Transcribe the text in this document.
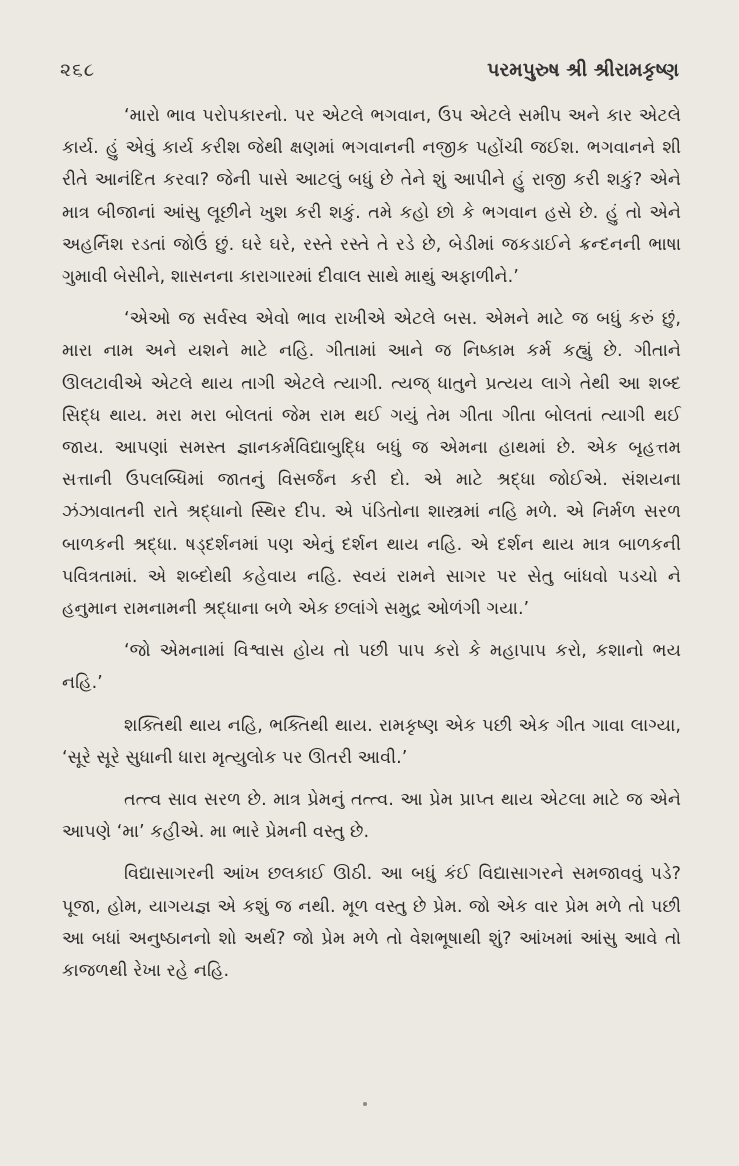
૨૬૮	પરમપુરુષ શ્રી શ્રીરામકૃષ્ણ

‘મારો ભાવ પરોપકારનો. પર એટલે ભગવાન, ઉપ એટલે સમીપ અને કાર એટલે કાર્ય. હું એવું કાર્ય કરીશ જેથી ક્ષણમાં ભગવાનની નજીક પહોંચી જઈશ. ભગવાનને શી રીતે આનંદિત કરવા? જેની પાસે આટલું બધું છે તેને શું આપીને હું રાજી કરી શકું? એને માત્ર બીજાનાં આંસુ લૂછીને ખુશ કરી શકું. તમે કહો છો કે ભગવાન હસે છે. હું તો એને અહર્નિશ રડતાં જોઉં છું. ઘરે ઘરે, રસ્તે રસ્તે તે રડે છે, બેડીમાં જકડાઈને ક્રન્દનની ભાષા ગુમાવી બેસીને, શાસનના કારાગારમાં દીવાલ સાથે માથું અફાળીને.’

‘એઓ જ સર્વસ્વ એવો ભાવ રાખીએ એટલે બસ. એમને માટે જ બધું કરું છું, મારા નામ અને યશને માટે નહિ. ગીતામાં આને જ નિષ્કામ કર્મ કહ્યું છે. ગીતાને ઊલટાવીએ એટલે થાય તાગી એટલે ત્યાગી. ત્યજ્ ધાતુને પ્રત્યય લાગે તેથી આ શબ્દ સિદ્ધ થાય. મરા મરા બોલતાં જેમ રામ થઈ ગયું તેમ ગીતા ગીતા બોલતાં ત્યાગી થઈ જાય. આપણાં સમસ્ત જ્ઞાનકર્મવિદ્યાબુદ્ધિ બધું જ એમના હાથમાં છે. એક બૃહત્તમ સત્તાની ઉપલબ્ધિમાં જાતનું વિસર્જન કરી દો. એ માટે શ્રદ્ધા જોઈએ. સંશયના ઝંઝાવાતની રાતે શ્રદ્ધાનો સ્થિર દીપ. એ પંડિતોના શાસ્ત્રમાં નહિ મળે. એ નિર્મળ સરળ બાળકની શ્રદ્ધા. ષડ્દર્શનમાં પણ એનું દર્શન થાય નહિ. એ દર્શન થાય માત્ર બાળકની પવિત્રતામાં. એ શબ્દોથી કહેવાય નહિ. સ્વયં રામને સાગર પર સેતુ બાંધવો પડચો ને હનુમાન રામનામની શ્રદ્ધાના બળે એક છલાંગે સમુદ્ર ઓળંગી ગયા.’

‘જો એમનામાં વિશ્વાસ હોય તો પછી પાપ કરો કે મહાપાપ કરો, કશાનો ભય નહિ.’

શક્તિથી થાય નહિ, ભક્તિથી થાય. રામકૃષ્ણ એક પછી એક ગીત ગાવા લાગ્યા, ‘સૂરે સૂરે સુધાની ધારા મૃત્યુલોક પર ઊતરી આવી.’

તત્ત્વ સાવ સરળ છે. માત્ર પ્રેમનું તત્ત્વ. આ પ્રેમ પ્રાપ્ત થાય એટલા માટે જ એને આપણે ‘મા’ કહીએ. મા ભારે પ્રેમની વસ્તુ છે.

વિદ્યાસાગરની આંખ છલકાઈ ઊઠી. આ બધું કંઈ વિદ્યાસાગરને સમજાવવું પડે? પૂજા, હોમ, યાગયજ્ઞ એ કશું જ નથી. મૂળ વસ્તુ છે પ્રેમ. જો એક વાર પ્રેમ મળે તો પછી આ બધાં અનુષ્ઠાનનો શો અર્થ? જો પ્રેમ મળે તો વેશભૂષાથી શું? આંખમાં આંસુ આવે તો કાજળથી રેખા રહે નહિ.
